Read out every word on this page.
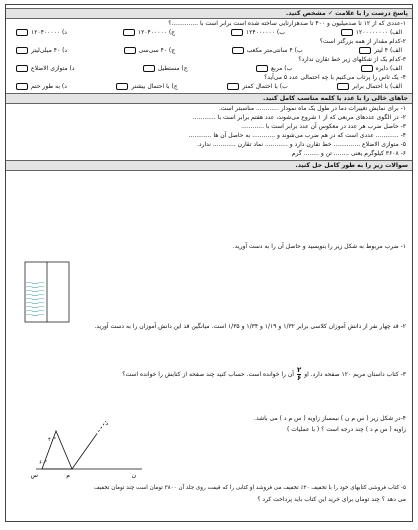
پاسخ درست را با علامت ✓ مشخص کنید.
۱-عددی که از ۱۲ تا صدمیلیون و ۴۰۰ تا صدهزارتایی ساخته شده است برابر است با ..............؟
الف) ۱۲۰۰۰۰۰۰۰۰
ب) ۱۲۴۰۰۰۰۰۰
ج) ۱۲۰۴۰۰۰۰۰
د) ۱۲۰۴۰۰۰۰۰
۲-کدام مقدار از همه بزرگتر است؟
الف) ۴ لیتر
ب) ۴ سانتی‌متر مکعب
ج) ۴۰ سی‌سی
د) ۴۰ میلی‌لیتر
۳-کدام یک از شکلهای زیر خط تقارن ندارد؟
الف) دایره
ب) مربع
ج) مستطیل
د) متوازی الاضلاع
۴- یک تاس را پرتاب می‌کنیم با چه احتمالی عدد ۵ می‌آید؟
الف) با احتمال برابر
ب) با احتمال کمتر
ج) با احتمال بیشتر
د) به طور حتم
جاهای خالی را با عدد یا کلمه مناسب کامل کنید.
۱- برای نمایش تغییرات دما در طول یک ماه نمودار ............ مناسبتر است.
۲- در الگوی عددهای مربعی که از ۱ شروع می‌شوند، عدد هفتم برابر است با ............
۳- حاصل ضرب هر عدد در معکوس آن عدد برابر است با ............
۴- ............ عددی است که در هم ضرب می‌شوند و ............ به حاصل آن ها ............
۵- متوازی الاضلاع .............. خط تقارن دارد و ............ نماد تقارن ............ ندارد.
۶- ۳۶۰۸ کیلوگرم یعنی ........ تن و ........ گرم
سوالات زیر را به طور کامل حل کنید.
۱- ضرب مربوط به شکل زیر را بنویسید و حاصل آن را به دست آورید.
۲- قد چهار نفر از دانش آموزان کلاسی برابر ۱/۳۲ و ۱/۱۹ و ۱/۳۴ و ۱/۳۵ است. میانگین قد این دانش آموزان را به دست آورید.
۳- کتاب داستان مریم ۱۲۰ صفحه دارد. او
$\frac{۲}{۶}$
آن را خوانده است. حساب کنید چند صفحه از کتابش را خوانده است؟
۴-در شکل زیر ( س م ن ) نیمساز زاویه ( س م د ) می باشد.
زاویه ( س م د ) چند درجه است ؟ ( با عملیات )
۶۰°
۴۰°
س	م	ن
د
۵- کتاب فروشی کتابهای خود را با تخفیف ۲۰٪ تخفیف می فروشد او کتابی را که قیمت روی جلد آن ۳۸۰۰ تومان است چند تومان تخفیف
می دهد ؟ چند تومان برای خرید این کتاب باید پرداخت کرد ؟
